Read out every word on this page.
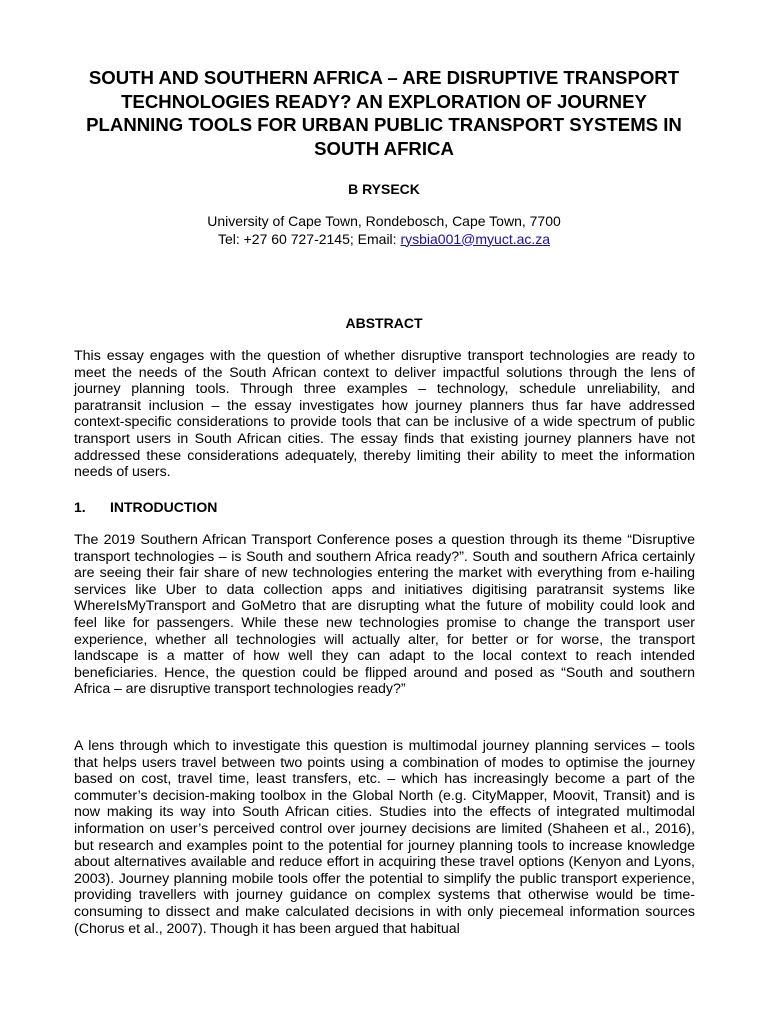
SOUTH AND SOUTHERN AFRICA – ARE DISRUPTIVE TRANSPORT TECHNOLOGIES READY? AN EXPLORATION OF JOURNEY PLANNING TOOLS FOR URBAN PUBLIC TRANSPORT SYSTEMS IN SOUTH AFRICA

B RYSECK

University of Cape Town, Rondebosch, Cape Town, 7700
Tel: +27 60 727-2145; Email: rysbia001@myuct.ac.za

ABSTRACT

This essay engages with the question of whether disruptive transport technologies are ready to meet the needs of the South African context to deliver impactful solutions through the lens of journey planning tools. Through three examples – technology, schedule unreliability, and paratransit inclusion – the essay investigates how journey planners thus far have addressed context-specific considerations to provide tools that can be inclusive of a wide spectrum of public transport users in South African cities. The essay finds that existing journey planners have not addressed these considerations adequately, thereby limiting their ability to meet the information needs of users.

1. INTRODUCTION

The 2019 Southern African Transport Conference poses a question through its theme “Disruptive transport technologies – is South and southern Africa ready?”. South and southern Africa certainly are seeing their fair share of new technologies entering the market with everything from e-hailing services like Uber to data collection apps and initiatives digitising paratransit systems like WhereIsMyTransport and GoMetro that are disrupting what the future of mobility could look and feel like for passengers. While these new technologies promise to change the transport user experience, whether all technologies will actually alter, for better or for worse, the transport landscape is a matter of how well they can adapt to the local context to reach intended beneficiaries. Hence, the question could be flipped around and posed as “South and southern Africa – are disruptive transport technologies ready?”

A lens through which to investigate this question is multimodal journey planning services – tools that helps users travel between two points using a combination of modes to optimise the journey based on cost, travel time, least transfers, etc. – which has increasingly become a part of the commuter’s decision-making toolbox in the Global North (e.g. CityMapper, Moovit, Transit) and is now making its way into South African cities. Studies into the effects of integrated multimodal information on user’s perceived control over journey decisions are limited (Shaheen et al., 2016), but research and examples point to the potential for journey planning tools to increase knowledge about alternatives available and reduce effort in acquiring these travel options (Kenyon and Lyons, 2003). Journey planning mobile tools offer the potential to simplify the public transport experience, providing travellers with journey guidance on complex systems that otherwise would be time-consuming to dissect and make calculated decisions in with only piecemeal information sources (Chorus et al., 2007). Though it has been argued that habitual
